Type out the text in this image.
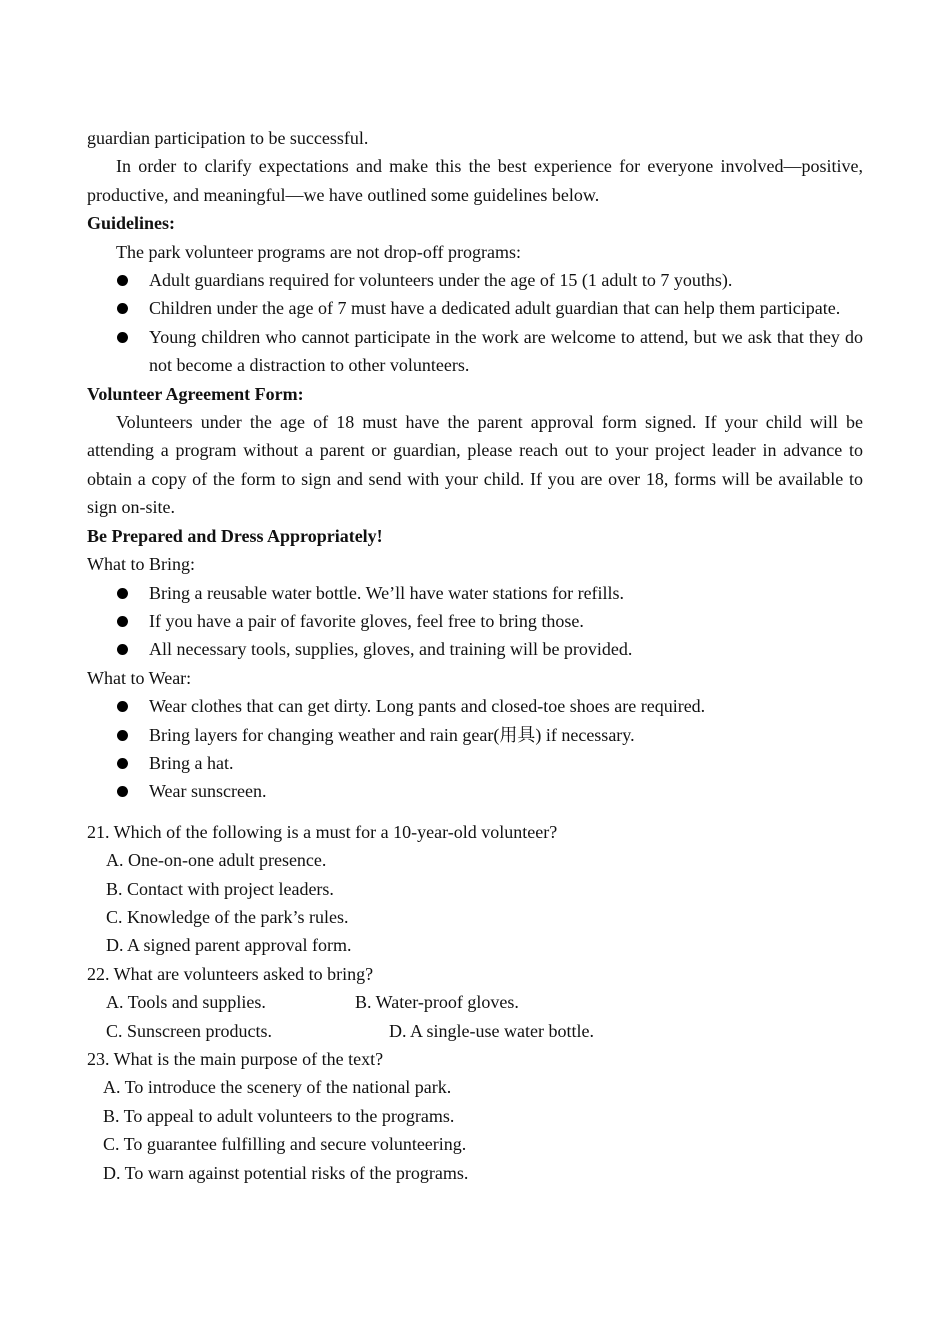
guardian participation to be successful.

In order to clarify expectations and make this the best experience for everyone involved—positive, productive, and meaningful—we have outlined some guidelines below.

Guidelines:

The park volunteer programs are not drop-off programs:

Adult guardians required for volunteers under the age of 15 (1 adult to 7 youths).
Children under the age of 7 must have a dedicated adult guardian that can help them participate.
Young children who cannot participate in the work are welcome to attend, but we ask that they do not become a distraction to other volunteers.

Volunteer Agreement Form:

Volunteers under the age of 18 must have the parent approval form signed. If your child will be attending a program without a parent or guardian, please reach out to your project leader in advance to obtain a copy of the form to sign and send with your child. If you are over 18, forms will be available to sign on-site.

Be Prepared and Dress Appropriately!

What to Bring:

Bring a reusable water bottle. We’ll have water stations for refills.
If you have a pair of favorite gloves, feel free to bring those.
All necessary tools, supplies, gloves, and training will be provided.

What to Wear:

Wear clothes that can get dirty. Long pants and closed-toe shoes are required.
Bring layers for changing weather and rain gear(用具) if necessary.
Bring a hat.
Wear sunscreen.

21. Which of the following is a must for a 10-year-old volunteer?

A. One-on-one adult presence.

B. Contact with project leaders.

C. Knowledge of the park’s rules.

D. A signed parent approval form.

22. What are volunteers asked to bring?

A. Tools and supplies.	B. Water-proof gloves.
C. Sunscreen products.	D. A single-use water bottle.

23. What is the main purpose of the text?

A. To introduce the scenery of the national park.

B. To appeal to adult volunteers to the programs.

C. To guarantee fulfilling and secure volunteering.

D. To warn against potential risks of the programs.
